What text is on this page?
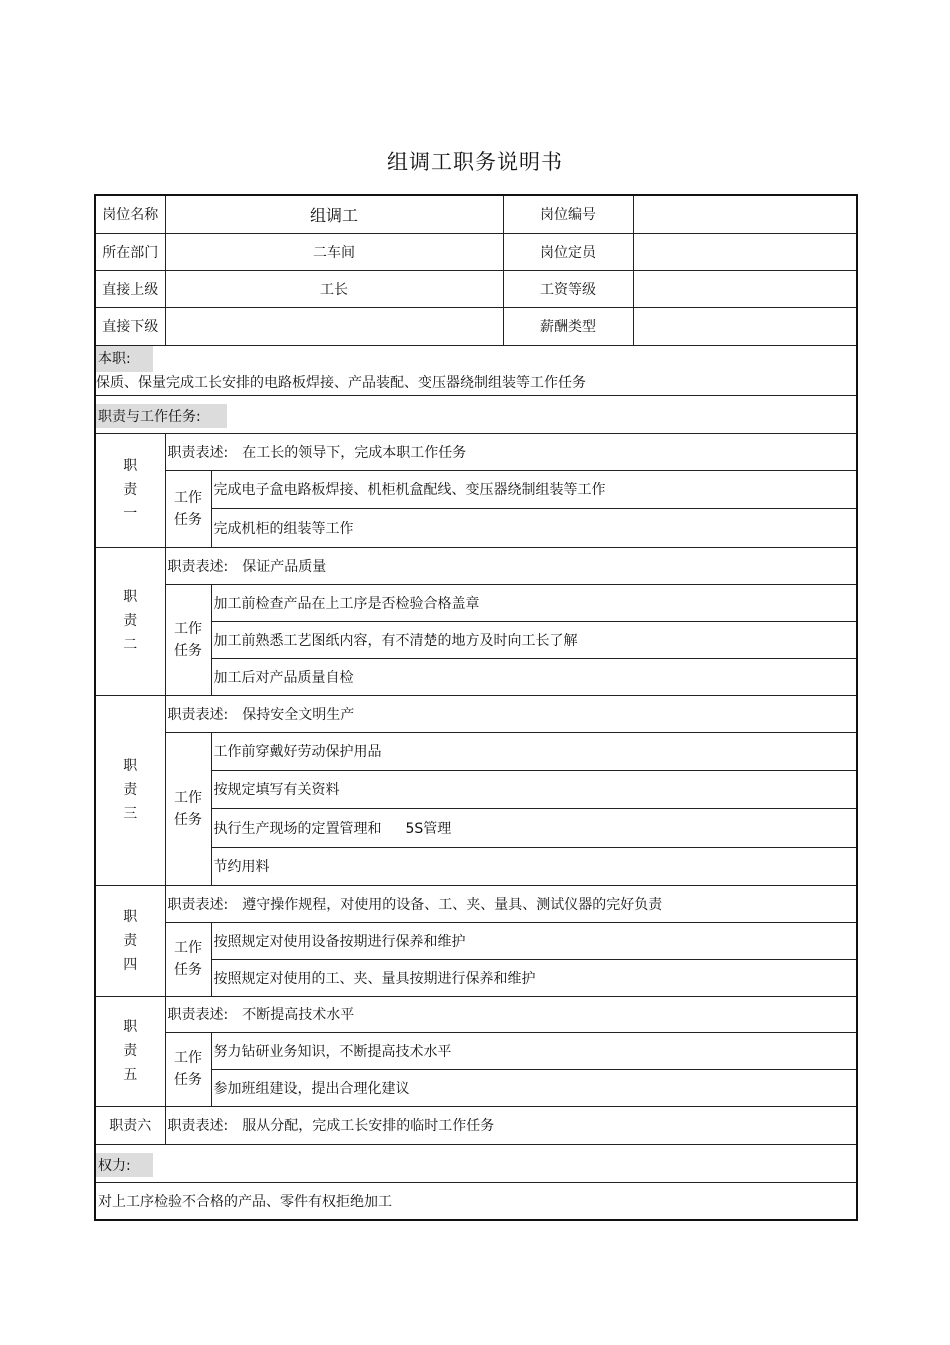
组调工职务说明书
岗位名称	组调工		岗位编号	
所在部门	二车间		岗位定员	
直接上级	工长		工资等级	
直接下级			薪酬类型	

本职:
保质、保量完成工长安排的电路板焊接、产品装配、变压器绕制组装等工作任务				

职责与工作任务:				
职
责
一	职责表述: 在工长的领导下，完成本职工作任务			
	工作
任务	完成电子盒电路板焊接、机柜机盒配线、变压器绕制组装等工作		
		完成机柜的组装等工作		
职
责
二	职责表述: 保证产品质量			
	工作
任务	加工前检查产品在上工序是否检验合格盖章		
		加工前熟悉工艺图纸内容，有不清楚的地方及时向工长了解		
		加工后对产品质量自检		
职
责
三	职责表述: 保持安全文明生产			
	工作
任务	工作前穿戴好劳动保护用品		
		按规定填写有关资料		
		执行生产现场的定置管理和 5S管理		
		节约用料		
职
责
四	职责表述: 遵守操作规程，对使用的设备、工、夹、量具、测试仪器的完好负责			
	工作
任务	按照规定对使用设备按期进行保养和维护		
		按照规定对使用的工、夹、量具按期进行保养和维护		
职
责
五	职责表述: 不断提高技术水平			
	工作
任务	努力钻研业务知识，不断提高技术水平		
		参加班组建设，提出合理化建议		
职责六	职责表述: 服从分配，完成工长安排的临时工作任务			
权力:				
对上工序检验不合格的产品、零件有权拒绝加工				
